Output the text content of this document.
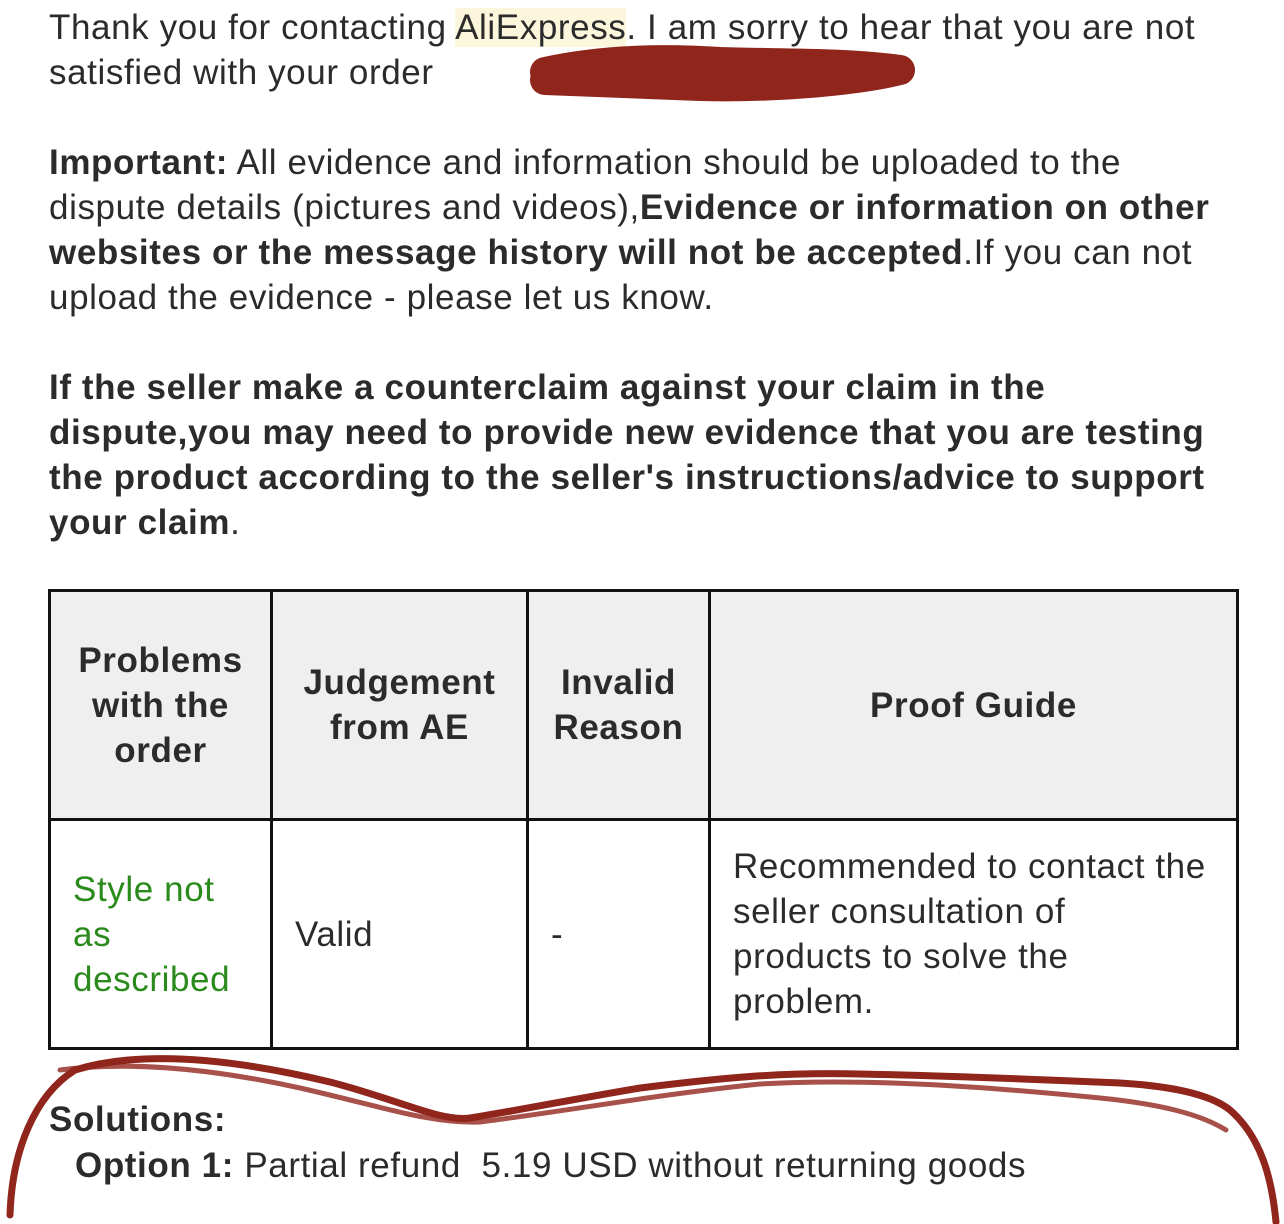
Thank you for contacting AliExpress. I am sorry to hear that you are not satisfied with your order

Important: All evidence and information should be uploaded to the dispute details (pictures and videos),Evidence or information on other websites or the message history will not be accepted.If you can not upload the evidence - please let us know.

If the seller make a counterclaim against your claim in the dispute,you may need to provide new evidence that you are testing the product according to the seller's instructions/advice to support your claim.

Problems with the order	Judgement from AE	Invalid Reason	Proof Guide
Style not as described	Valid	-	Recommended to contact the seller consultation of products to solve the problem.
Solutions:
Option 1: Partial refund  5.19 USD without returning goods
